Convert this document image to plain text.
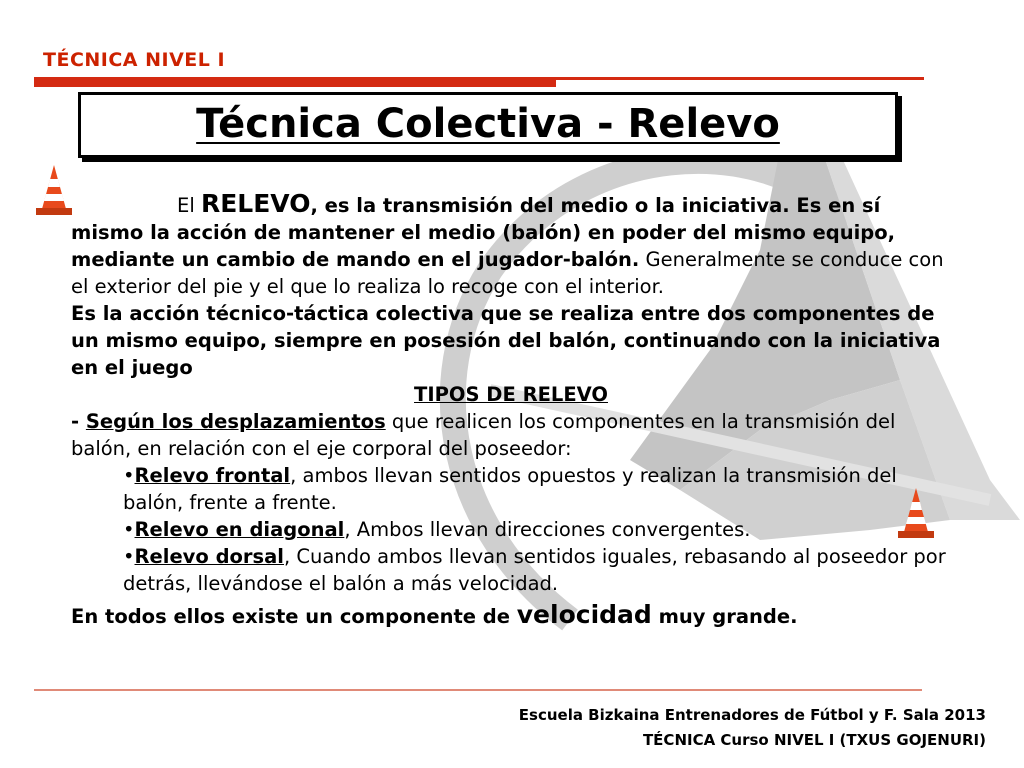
TÉCNICA NIVEL I
Técnica Colectiva - Relevo

El RELEVO, es la transmisión del medio o la iniciativa. Es en sí mismo la acción de mantener el medio (balón) en poder del mismo equipo, mediante un cambio de mando en el jugador-balón. Generalmente se conduce con el exterior del pie y el que lo realiza lo recoge con el interior.

Es la acción técnico-táctica colectiva que se realiza entre dos componentes de un mismo equipo, siempre en posesión del balón, continuando con la iniciativa en el juego

TIPOS DE RELEVO

- Según los desplazamientos que realicen los componentes en la transmisión del balón, en relación con el eje corporal del poseedor:

•Relevo frontal, ambos llevan sentidos opuestos y realizan la transmisión del balón, frente a frente.

•Relevo en diagonal, Ambos llevan direcciones convergentes.

•Relevo dorsal, Cuando ambos llevan sentidos iguales, rebasando al poseedor por detrás, llevándose el balón a más velocidad.

En todos ellos existe un componente de velocidad muy grande.

Escuela Bizkaina Entrenadores de Fútbol y F. Sala 2013
TÉCNICA Curso NIVEL I (TXUS GOJENURI)
